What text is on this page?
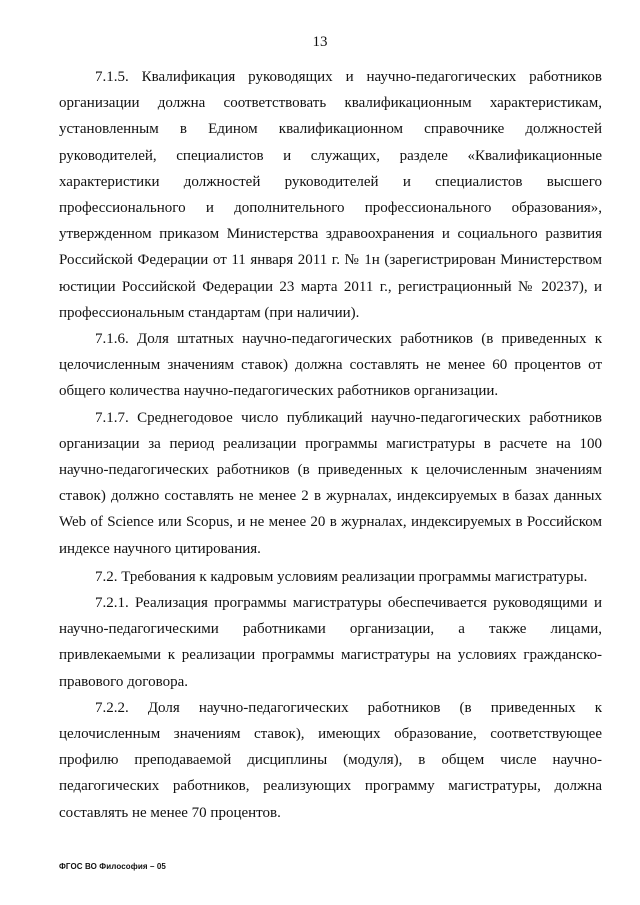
13

7.1.5. Квалификация руководящих и научно-педагогических работников организации должна соответствовать квалификационным характеристикам, установленным в Едином квалификационном справочнике должностей руководителей, специалистов и служащих, разделе «Квалификационные характеристики должностей руководителей и специалистов высшего профессионального и дополнительного профессионального образования», утвержденном приказом Министерства здравоохранения и социального развития Российской Федерации от 11 января 2011 г. № 1н (зарегистрирован Министерством юстиции Российской Федерации 23 марта 2011 г., регистрационный № 20237), и профессиональным стандартам (при наличии).

7.1.6. Доля штатных научно-педагогических работников (в приведенных к целочисленным значениям ставок) должна составлять не менее 60 процентов от общего количества научно-педагогических работников организации.

7.1.7. Среднегодовое число публикаций научно-педагогических работников организации за период реализации программы магистратуры в расчете на 100 научно-педагогических работников (в приведенных к целочисленным значениям ставок) должно составлять не менее 2 в журналах, индексируемых в базах данных Web of Science или Scopus, и не менее 20 в журналах, индексируемых в Российском индексе научного цитирования.

7.2. Требования к кадровым условиям реализации программы магистратуры.

7.2.1. Реализация программы магистратуры обеспечивается руководящими и научно-педагогическими работниками организации, а также лицами, привлекаемыми к реализации программы магистратуры на условиях гражданско-правового договора.

7.2.2. Доля научно-педагогических работников (в приведенных к целочисленным значениям ставок), имеющих образование, соответствующее профилю преподаваемой дисциплины (модуля), в общем числе научно-педагогических работников, реализующих программу магистратуры, должна составлять не менее 70 процентов.

ФГОС ВО Философия – 05
